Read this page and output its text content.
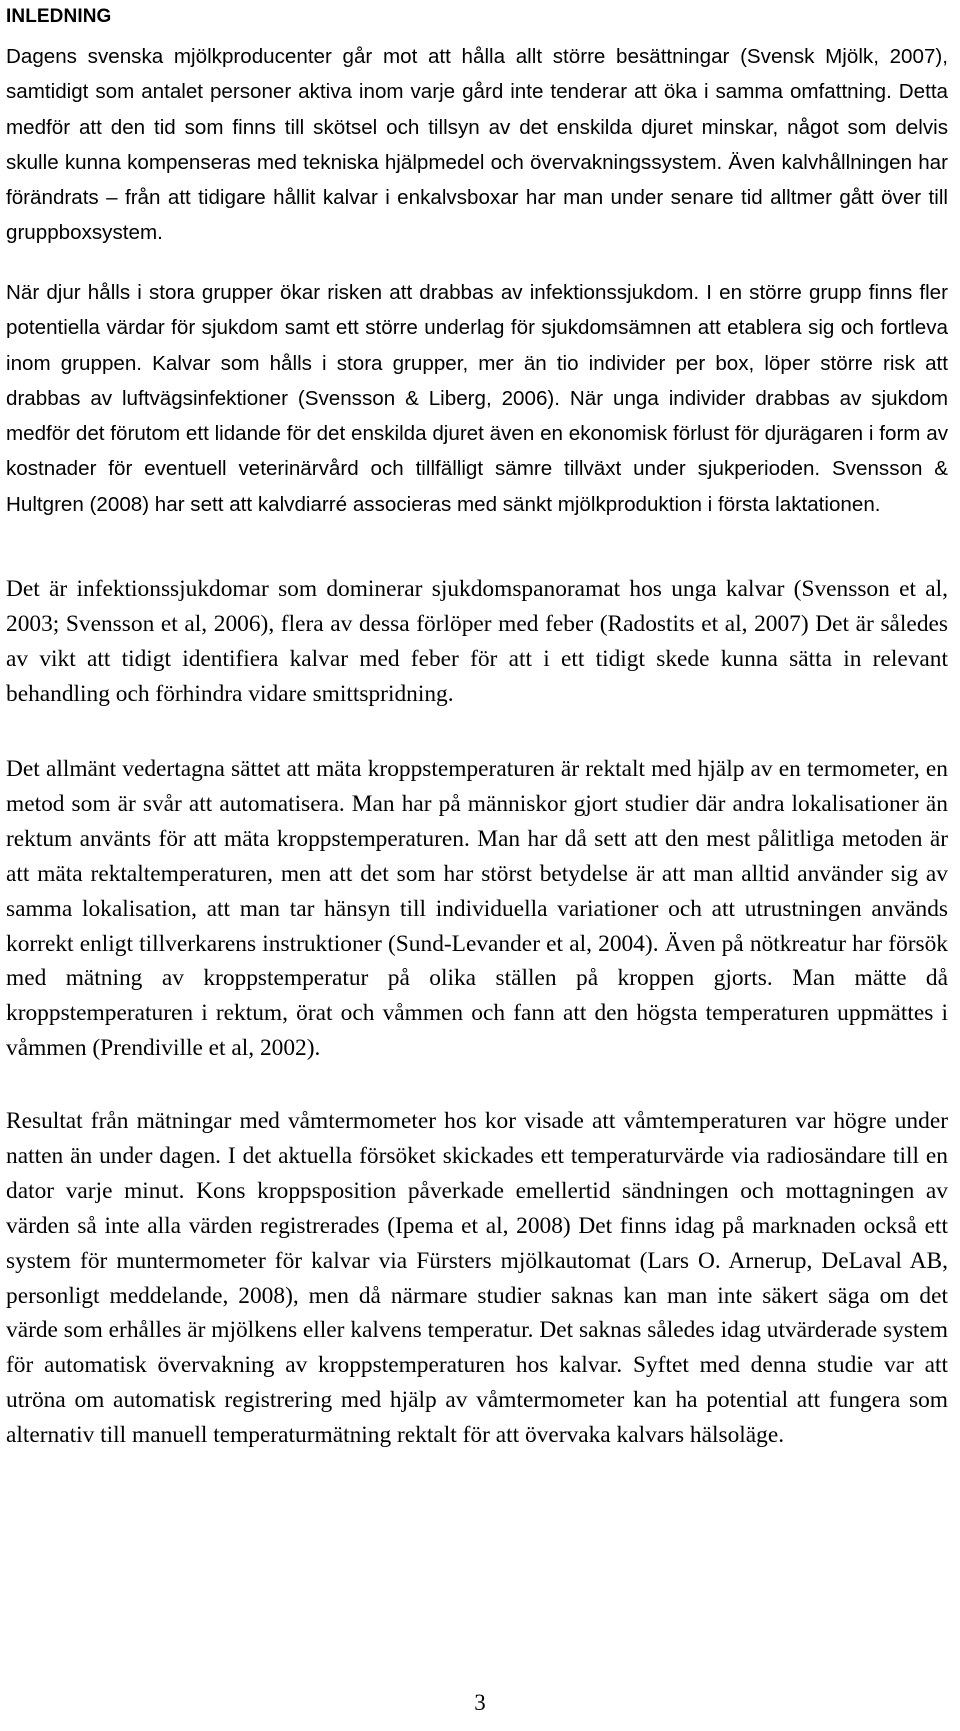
INLEDNING

Dagens svenska mjölkproducenter går mot att hålla allt större besättningar (Svensk Mjölk, 2007), samtidigt som antalet personer aktiva inom varje gård inte tenderar att öka i samma omfattning. Detta medför att den tid som finns till skötsel och tillsyn av det enskilda djuret minskar, något som delvis skulle kunna kompenseras med tekniska hjälpmedel och övervakningssystem. Även kalvhållningen har förändrats – från att tidigare hållit kalvar i enkalvsboxar har man under senare tid alltmer gått över till gruppboxsystem.

När djur hålls i stora grupper ökar risken att drabbas av infektionssjukdom. I en större grupp finns fler potentiella värdar för sjukdom samt ett större underlag för sjukdomsämnen att etablera sig och fortleva inom gruppen. Kalvar som hålls i stora grupper, mer än tio individer per box, löper större risk att drabbas av luftvägsinfektioner (Svensson & Liberg, 2006). När unga individer drabbas av sjukdom medför det förutom ett lidande för det enskilda djuret även en ekonomisk förlust för djurägaren i form av kostnader för eventuell veterinärvård och tillfälligt sämre tillväxt under sjukperioden. Svensson & Hultgren (2008) har sett att kalvdiarré associeras med sänkt mjölkproduktion i första laktationen.

Det är infektionssjukdomar som dominerar sjukdomspanoramat hos unga kalvar (Svensson et al, 2003; Svensson et al, 2006), flera av dessa förlöper med feber (Radostits et al, 2007) Det är således av vikt att tidigt identifiera kalvar med feber för att i ett tidigt skede kunna sätta in relevant behandling och förhindra vidare smittspridning.

Det allmänt vedertagna sättet att mäta kroppstemperaturen är rektalt med hjälp av en termometer, en metod som är svår att automatisera. Man har på människor gjort studier där andra lokalisationer än rektum använts för att mäta kroppstemperaturen. Man har då sett att den mest pålitliga metoden är att mäta rektaltemperaturen, men att det som har störst betydelse är att man alltid använder sig av samma lokalisation, att man tar hänsyn till individuella variationer och att utrustningen används korrekt enligt tillverkarens instruktioner (Sund-Levander et al, 2004). Även på nötkreatur har försök med mätning av kroppstemperatur på olika ställen på kroppen gjorts. Man mätte då kroppstemperaturen i rektum, örat och våmmen och fann att den högsta temperaturen uppmättes i våmmen (Prendiville et al, 2002).

Resultat från mätningar med våmtermometer hos kor visade att våmtemperaturen var högre under natten än under dagen. I det aktuella försöket skickades ett temperaturvärde via radiosändare till en dator varje minut. Kons kroppsposition påverkade emellertid sändningen och mottagningen av värden så inte alla värden registrerades (Ipema et al, 2008) Det finns idag på marknaden också ett system för muntermometer för kalvar via Fürsters mjölkautomat (Lars O. Arnerup, DeLaval AB, personligt meddelande, 2008), men då närmare studier saknas kan man inte säkert säga om det värde som erhålles är mjölkens eller kalvens temperatur. Det saknas således idag utvärderade system för automatisk övervakning av kroppstemperaturen hos kalvar. Syftet med denna studie var att utröna om automatisk registrering med hjälp av våmtermometer kan ha potential att fungera som alternativ till manuell temperaturmätning rektalt för att övervaka kalvars hälsoläge.

3
